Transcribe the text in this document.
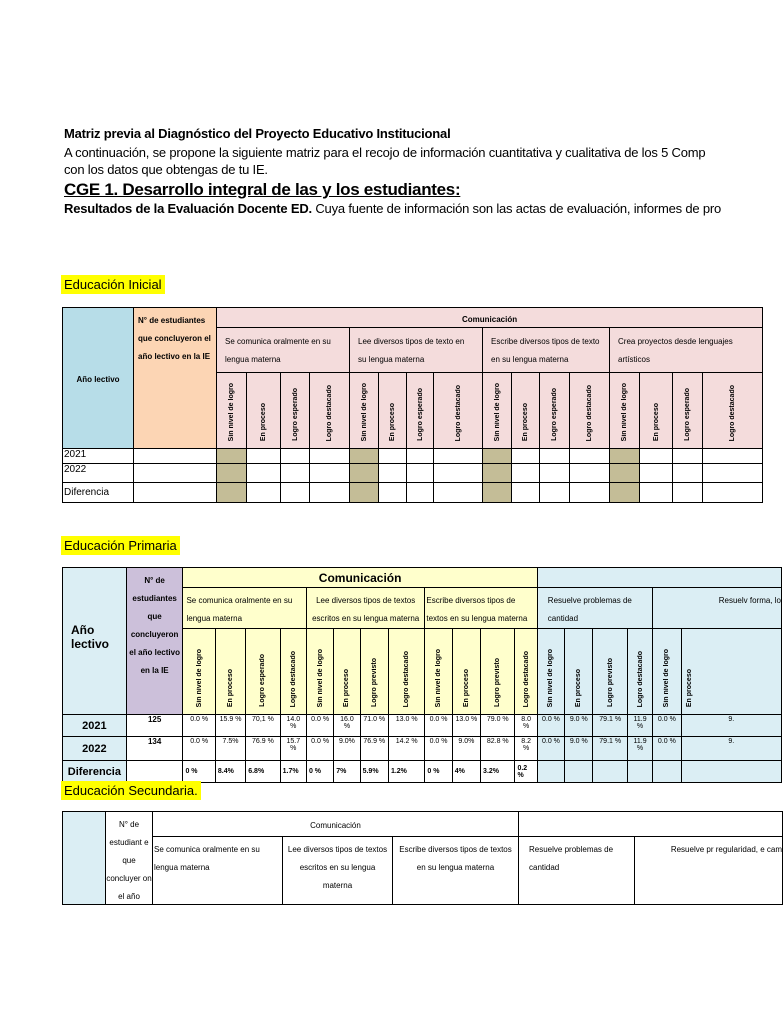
Matriz previa al Diagnóstico del Proyecto Educativo Institucional
A continuación, se propone la siguiente matriz para el recojo de información cuantitativa y cualitativa de los 5 Comp
con los datos que obtengas de tu IE.
CGE 1. Desarrollo integral de las y los estudiantes:
Resultados de la Evaluación Docente ED. Cuya fuente de información son las actas de evaluación, informes de pro
Educación Inicial
Año lectivo	N° de estudiantes que concluyeron el año lectivo en la IE	Comunicación															
		Se comunica oralmente en su lengua materna				Lee diversos tipos de texto en su lengua materna				Escribe diversos tipos de texto en su lengua materna				Crea proyectos desde lenguajes artísticos			
		Sin nivel de logro	En proceso	Logro esperado	Logro destacado	Sin nivel de logro	En proceso	Logro esperado	Logro destacado	Sin nivel de logro	En proceso	Logro esperado	Logro destacado	Sin nivel de logro	En proceso	Logro esperado	Logro destacado
2021																	
2022																	
Diferencia																	
Educación Primaria
Año lectivo	N° de estudiantes que concluyeron el año lectivo en la IE	Comunicación																	
		Se comunica oralmente en su lengua materna				Lee diversos tipos de textos escritos en su lengua materna				Escribe diversos tipos de textos en su lengua materna				Resuelve problemas de cantidad				Resuelv forma, lo	
		Sin nivel de logro	En proceso	Logro esperado	Logro destacado	Sin nivel de logro	En proceso	Logro previsto	Logro destacado	Sin nivel de logro	En proceso	Logro previsto	Logro destacado	Sin nivel de logro	En proceso	Logro previsto	Logro destacado	Sin nivel de logro	En proceso
2021	125	0.0 %	15.9 %	70,1 %	14.0 %	0.0 %	16.0 %	71.0 %	13.0 %	0.0 %	13.0 %	79.0 %	8.0 %	0.0 %	9.0 %	79.1 %	11.9 %	0.0 %	9.
2022	134	0.0 %	7.5%	76.9 %	15.7 %	0.0 %	9.0%	76.9 %	14.2 %	0.0 %	9.0%	82.8 %	8.2 %	0.0 %	9.0 %	79.1 %	11.9 %	0.0 %	9.
Diferencia		0 %	8.4%	6.8%	1.7%	0 %	7%	5.9%	1.2%	0 %	4%	3.2%	0.2 %						
Educación Secundaria.
	N° de estudiant e que concluyer on el año	Comunicación				
		Se comunica oralmente en su lengua materna	Lee diversos tipos de textos escritos en su lengua materna	Escribe diversos tipos de textos en su lengua materna	Resuelve problemas de cantidad	Resuelve pr regularidad, e cam
